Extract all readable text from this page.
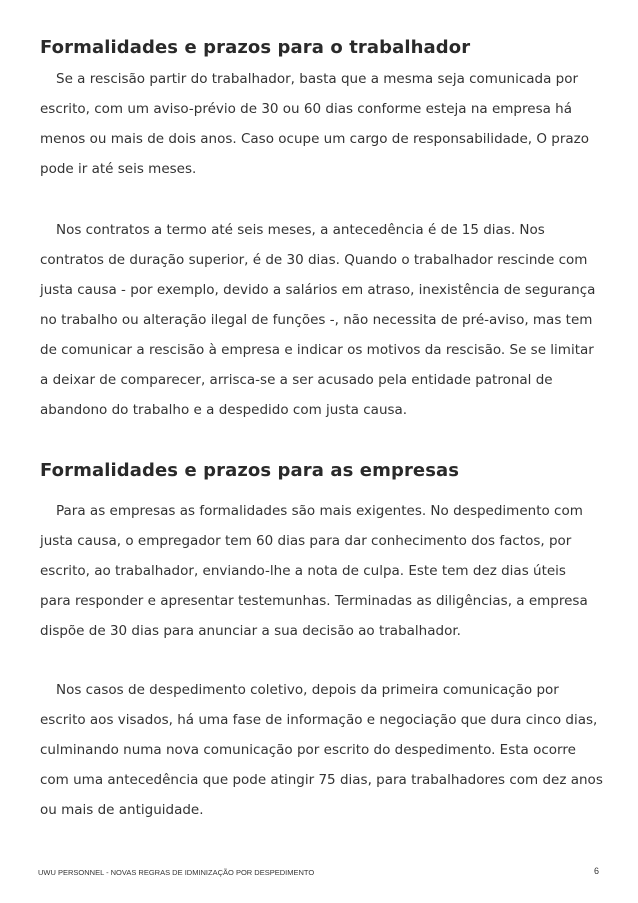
Formalidades e prazos para o trabalhador

Se a rescisão partir do trabalhador, basta que a mesma seja comunicada por
escrito, com um aviso-prévio de 30 ou 60 dias conforme esteja na empresa há
menos ou mais de dois anos. Caso ocupe um cargo de responsabilidade, O prazo
pode ir até seis meses.

Nos contratos a termo até seis meses, a antecedência é de 15 dias. Nos
contratos de duração superior, é de 30 dias. Quando o trabalhador rescinde com
justa causa - por exemplo, devido a salários em atraso, inexistência de segurança
no trabalho ou alteração ilegal de funções -, não necessita de pré-aviso, mas tem
de comunicar a rescisão à empresa e indicar os motivos da rescisão. Se se limitar
a deixar de comparecer, arrisca-se a ser acusado pela entidade patronal de
abandono do trabalho e a despedido com justa causa.

Formalidades e prazos para as empresas

Para as empresas as formalidades são mais exigentes. No despedimento com
justa causa, o empregador tem 60 dias para dar conhecimento dos factos, por
escrito, ao trabalhador, enviando-lhe a nota de culpa. Este tem dez dias úteis
para responder e apresentar testemunhas. Terminadas as diligências, a empresa
dispõe de 30 dias para anunciar a sua decisão ao trabalhador.

Nos casos de despedimento coletivo, depois da primeira comunicação por
escrito aos visados, há uma fase de informação e negociação que dura cinco dias,
culminando numa nova comunicação por escrito do despedimento. Esta ocorre
com uma antecedência que pode atingir 75 dias, para trabalhadores com dez anos
ou mais de antiguidade.

UWU PERSONNEL - NOVAS REGRAS DE IDMINIZAÇÃO POR DESPEDIMENTO	6
